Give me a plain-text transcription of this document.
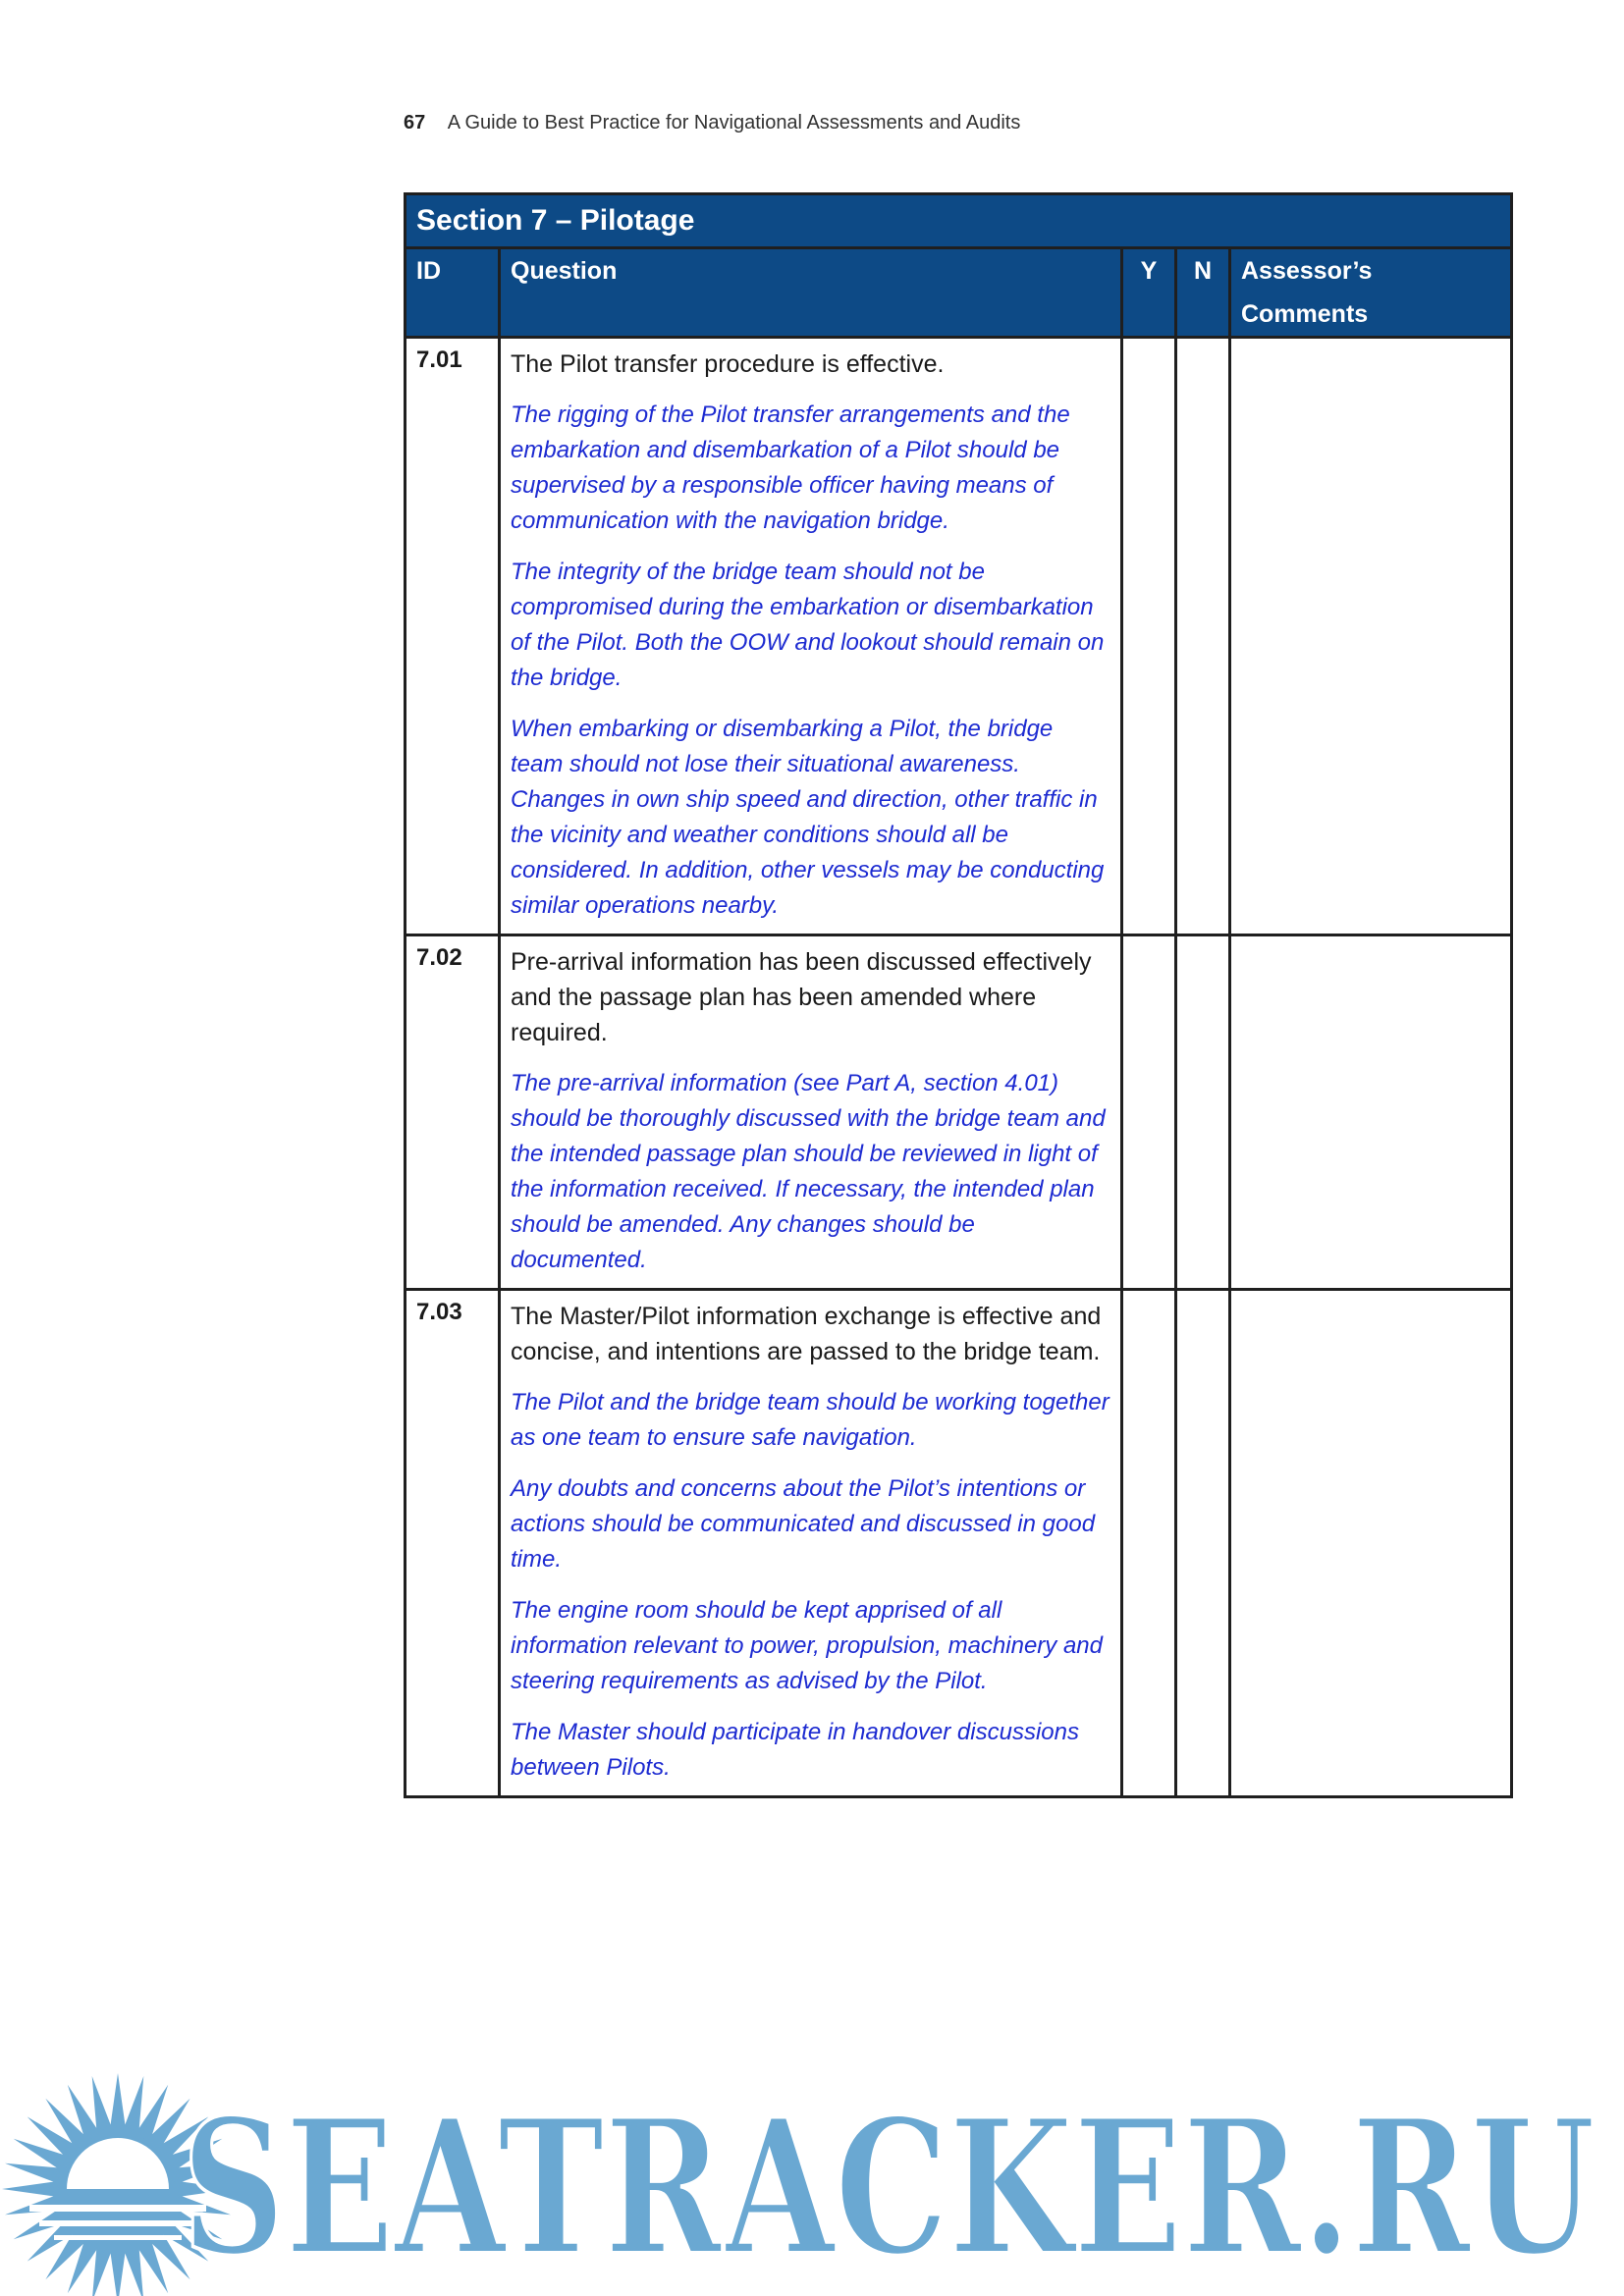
67 A Guide to Best Practice for Navigational Assessments and Audits
Section 7 – Pilotage				
ID	Question	Y	N	Assessor’s Comments
7.01	The Pilot transfer procedure is effective.
The rigging of the Pilot transfer arrangements and the embarkation and disembarkation of a Pilot should be supervised by a responsible officer having means of communication with the navigation bridge.
The integrity of the bridge team should not be compromised during the embarkation or disembarkation of the Pilot. Both the OOW and lookout should remain on the bridge.
When embarking or disembarking a Pilot, the bridge team should not lose their situational awareness. Changes in own ship speed and direction, other traffic in the vicinity and weather conditions should all be considered. In addition, other vessels may be conducting similar operations nearby.			

7.02	Pre-arrival information has been discussed effectively and the passage plan has been amended where required.
The pre-arrival information (see Part A, section 4.01) should be thoroughly discussed with the bridge team and the intended passage plan should be reviewed in light of the information received. If necessary, the intended plan should be amended. Any changes should be documented.			

7.03	The Master/Pilot information exchange is effective and concise, and intentions are passed to the bridge team.
The Pilot and the bridge team should be working together as one team to ensure safe navigation.
Any doubts and concerns about the Pilot’s intentions or actions should be communicated and discussed in good time.
The engine room should be kept apprised of all information relevant to power, propulsion, machinery and steering requirements as advised by the Pilot.
The Master should participate in handover discussions between Pilots.			

SEATRACKER.RU
